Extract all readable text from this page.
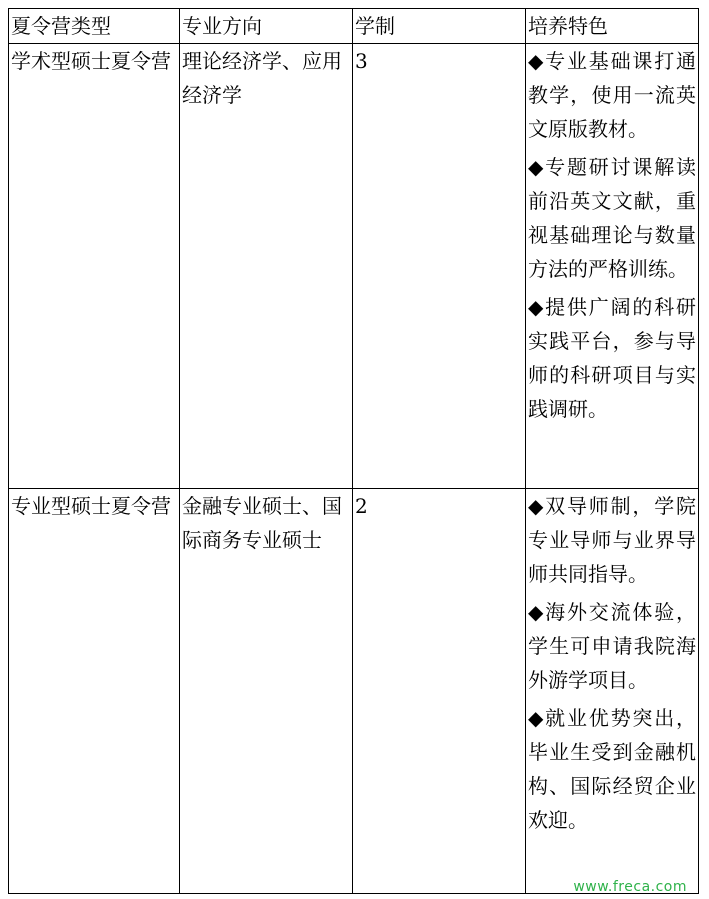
夏令营类型	专业方向	学制	培养特色
学术型硕士夏令营	理论经济学、应用经济学	3	◆专业基础课打通教学，使用一流英文原版教材。

◆专题研讨课解读前沿英文文献，重视基础理论与数量方法的严格训练。

◆提供广阔的科研实践平台，参与导师的科研项目与实践调研。

专业型硕士夏令营	金融专业硕士、国际商务专业硕士	2	◆双导师制，学院专业导师与业界导师共同指导。

◆海外交流体验，学生可申请我院海外游学项目。

◆就业优势突出，毕业生受到金融机构、国际经贸企业欢迎。

www.freca.com
